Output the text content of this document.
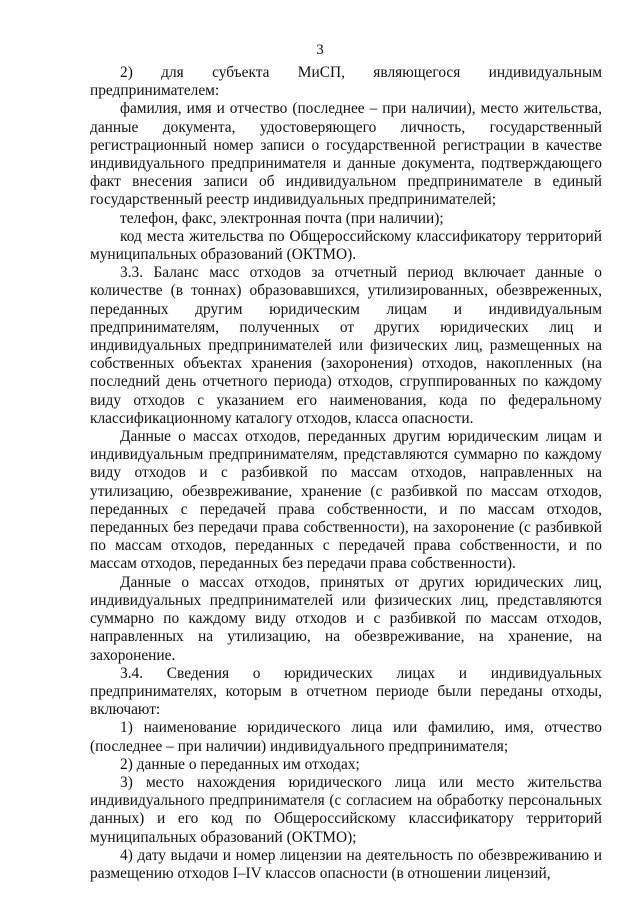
3

2) для субъекта МиСП, являющегося индивидуальным предпринимателем:

фамилия, имя и отчество (последнее – при наличии), место жительства, данные документа, удостоверяющего личность, государственный регистрационный номер записи о государственной регистрации в качестве индивидуального предпринимателя и данные документа, подтверждающего факт внесения записи об индивидуальном предпринимателе в единый государственный реестр индивидуальных предпринимателей;

телефон, факс, электронная почта (при наличии);

код места жительства по Общероссийскому классификатору территорий муниципальных образований (ОКТМО).

3.3. Баланс масс отходов за отчетный период включает данные о количестве (в тоннах) образовавшихся, утилизированных, обезвреженных, переданных другим юридическим лицам и индивидуальным предпринимателям, полученных от других юридических лиц и индивидуальных предпринимателей или физических лиц, размещенных на собственных объектах хранения (захоронения) отходов, накопленных (на последний день отчетного периода) отходов, сгруппированных по каждому виду отходов с указанием его наименования, кода по федеральному классификационному каталогу отходов, класса опасности.

Данные о массах отходов, переданных другим юридическим лицам и индивидуальным предпринимателям, представляются суммарно по каждому виду отходов и с разбивкой по массам отходов, направленных на утилизацию, обезвреживание, хранение (с разбивкой по массам отходов, переданных с передачей права собственности, и по массам отходов, переданных без передачи права собственности), на захоронение (с разбивкой по массам отходов, переданных с передачей права собственности, и по массам отходов, переданных без передачи права собственности).

Данные о массах отходов, принятых от других юридических лиц, индивидуальных предпринимателей или физических лиц, представляются суммарно по каждому виду отходов и с разбивкой по массам отходов, направленных на утилизацию, на обезвреживание, на хранение, на захоронение.

3.4. Сведения о юридических лицах и индивидуальных предпринимателях, которым в отчетном периоде были переданы отходы, включают:

1) наименование юридического лица или фамилию, имя, отчество (последнее – при наличии) индивидуального предпринимателя;

2) данные о переданных им отходах;

3) место нахождения юридического лица или место жительства индивидуального предпринимателя (с согласием на обработку персональных данных) и его код по Общероссийскому классификатору территорий муниципальных образований (ОКТМО);

4) дату выдачи и номер лицензии на деятельность по обезвреживанию и размещению отходов I–IV классов опасности (в отношении лицензий,
